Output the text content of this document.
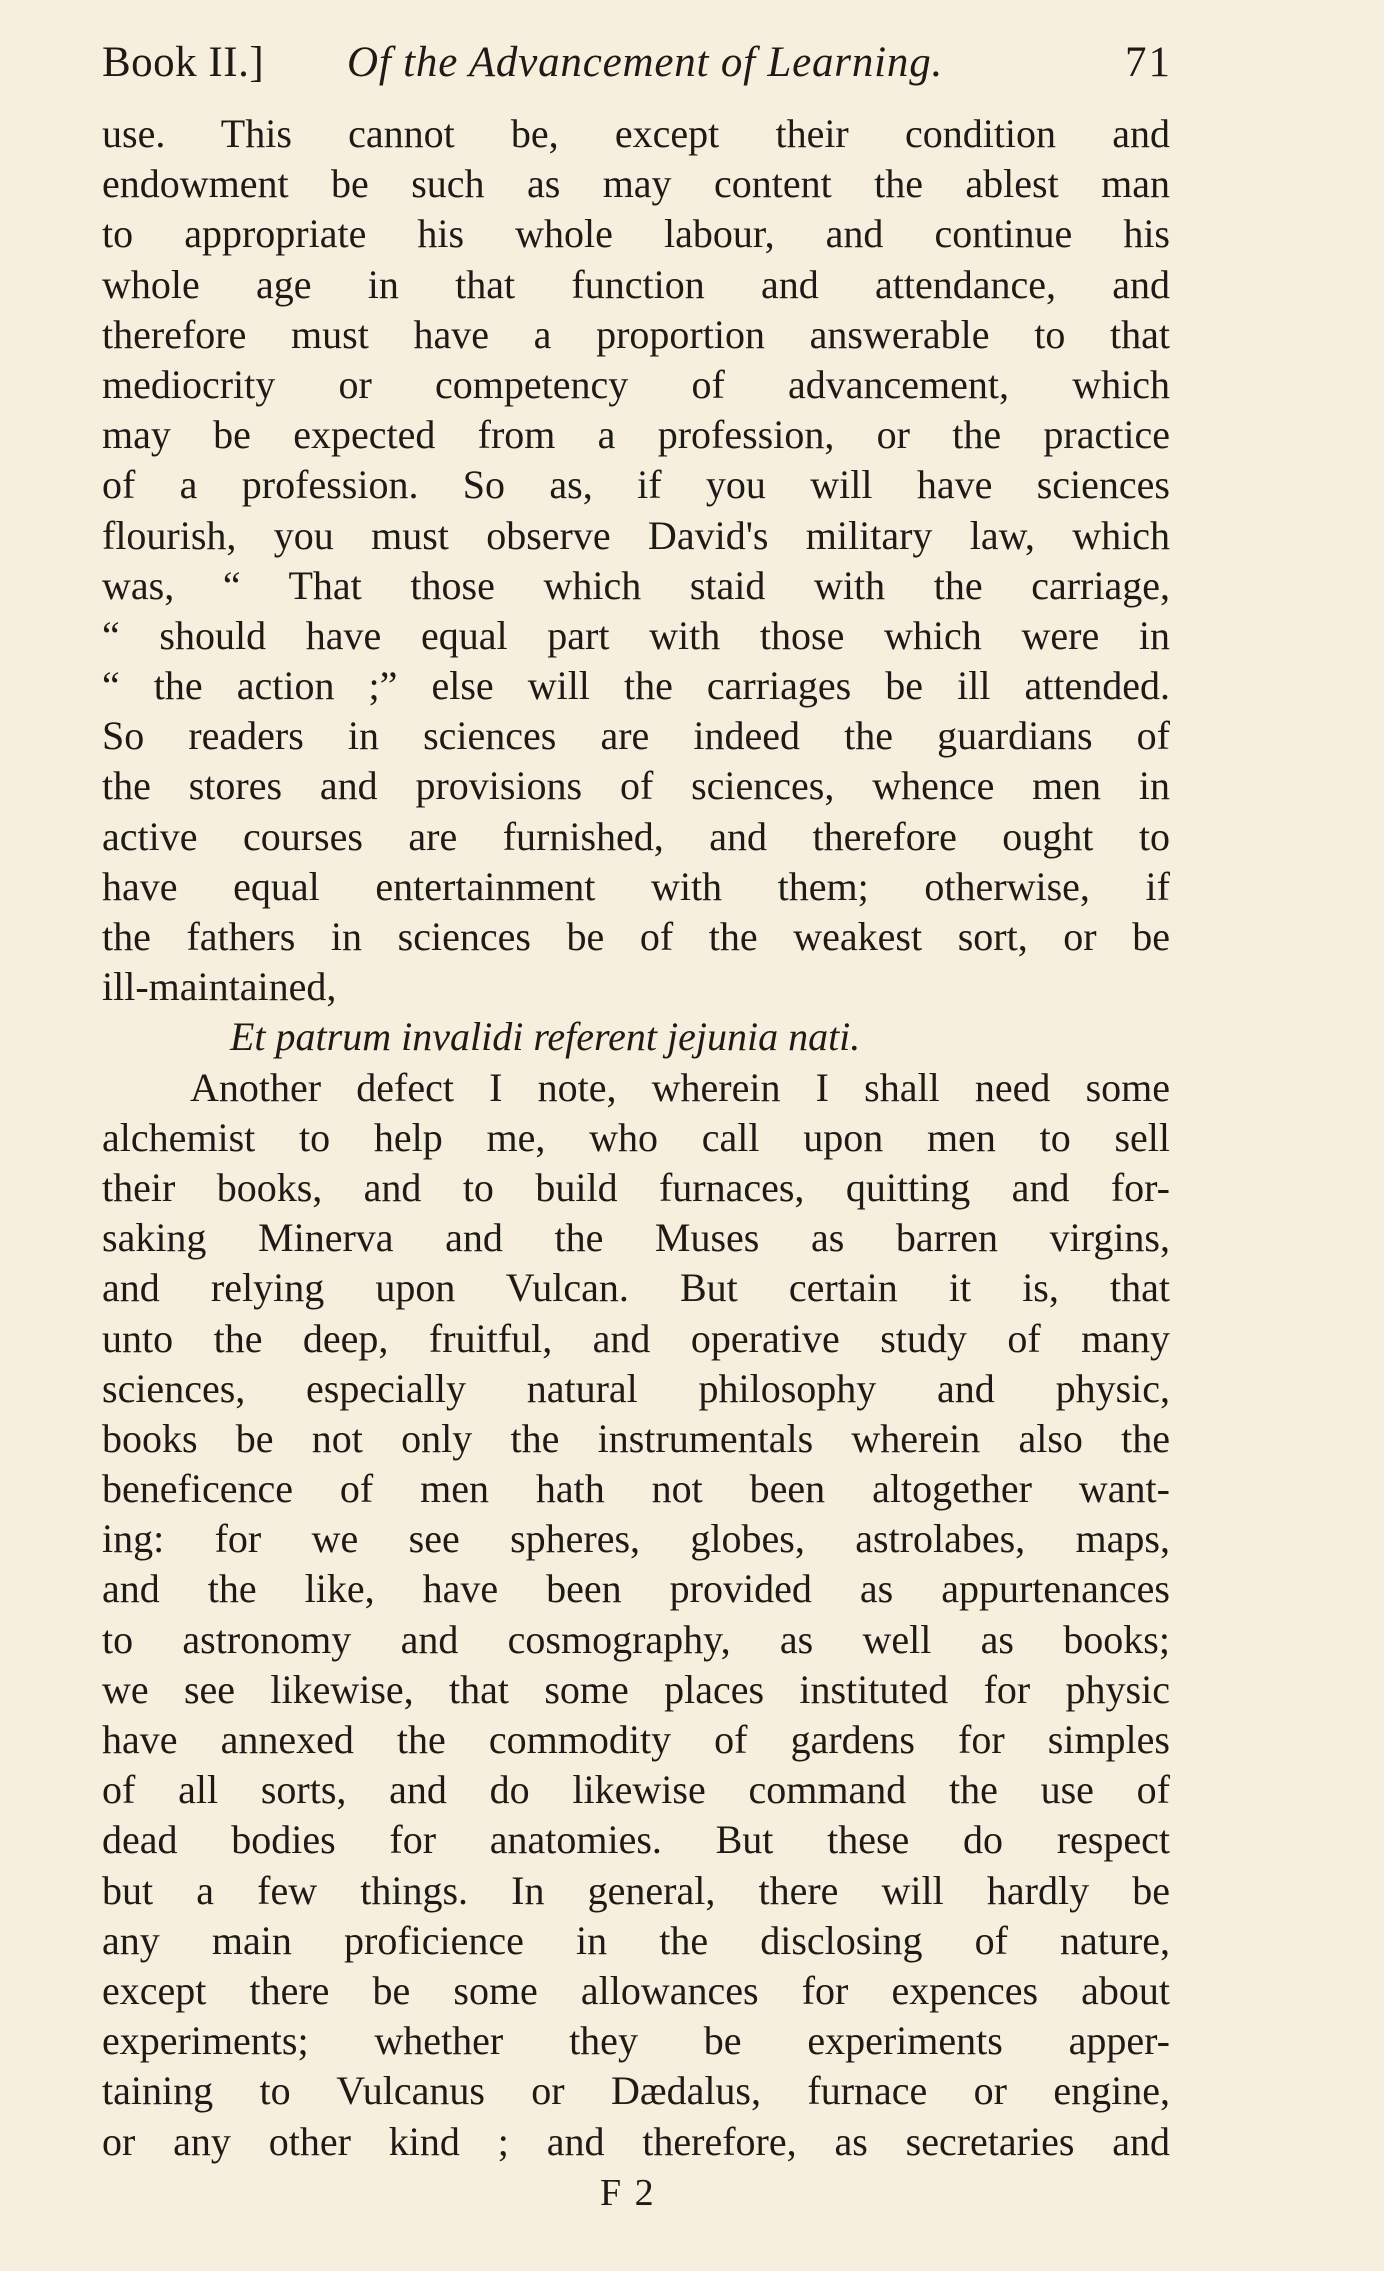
Book II.] Of the Advancement of Learning.	71
use. This cannot be, except their condition and
endowment be such as may content the ablest man
to appropriate his whole labour, and continue his
whole age in that function and attendance, and
therefore must have a proportion answerable to that
mediocrity or competency of advancement, which
may be expected from a profession, or the practice
of a profession. So as, if you will have sciences
flourish, you must observe David's military law, which
was, “ That those which staid with the carriage,
“ should have equal part with those which were in
“ the action ;” else will the carriages be ill attended.
So readers in sciences are indeed the guardians of
the stores and provisions of sciences, whence men in
active courses are furnished, and therefore ought to
have equal entertainment with them; otherwise, if
the fathers in sciences be of the weakest sort, or be
ill-maintained,
Et patrum invalidi referent jejunia nati.
Another defect I note, wherein I shall need some
alchemist to help me, who call upon men to sell
their books, and to build furnaces, quitting and for-
saking Minerva and the Muses as barren virgins,
and relying upon Vulcan. But certain it is, that
unto the deep, fruitful, and operative study of many
sciences, especially natural philosophy and physic,
books be not only the instrumentals wherein also the
beneficence of men hath not been altogether want-
ing: for we see spheres, globes, astrolabes, maps,
and the like, have been provided as appurtenances
to astronomy and cosmography, as well as books;
we see likewise, that some places instituted for physic
have annexed the commodity of gardens for simples
of all sorts, and do likewise command the use of
dead bodies for anatomies. But these do respect
but a few things. In general, there will hardly be
any main proficience in the disclosing of nature,
except there be some allowances for expences about
experiments; whether they be experiments apper-
taining to Vulcanus or Dædalus, furnace or engine,
or any other kind ; and therefore, as secretaries and
F 2
